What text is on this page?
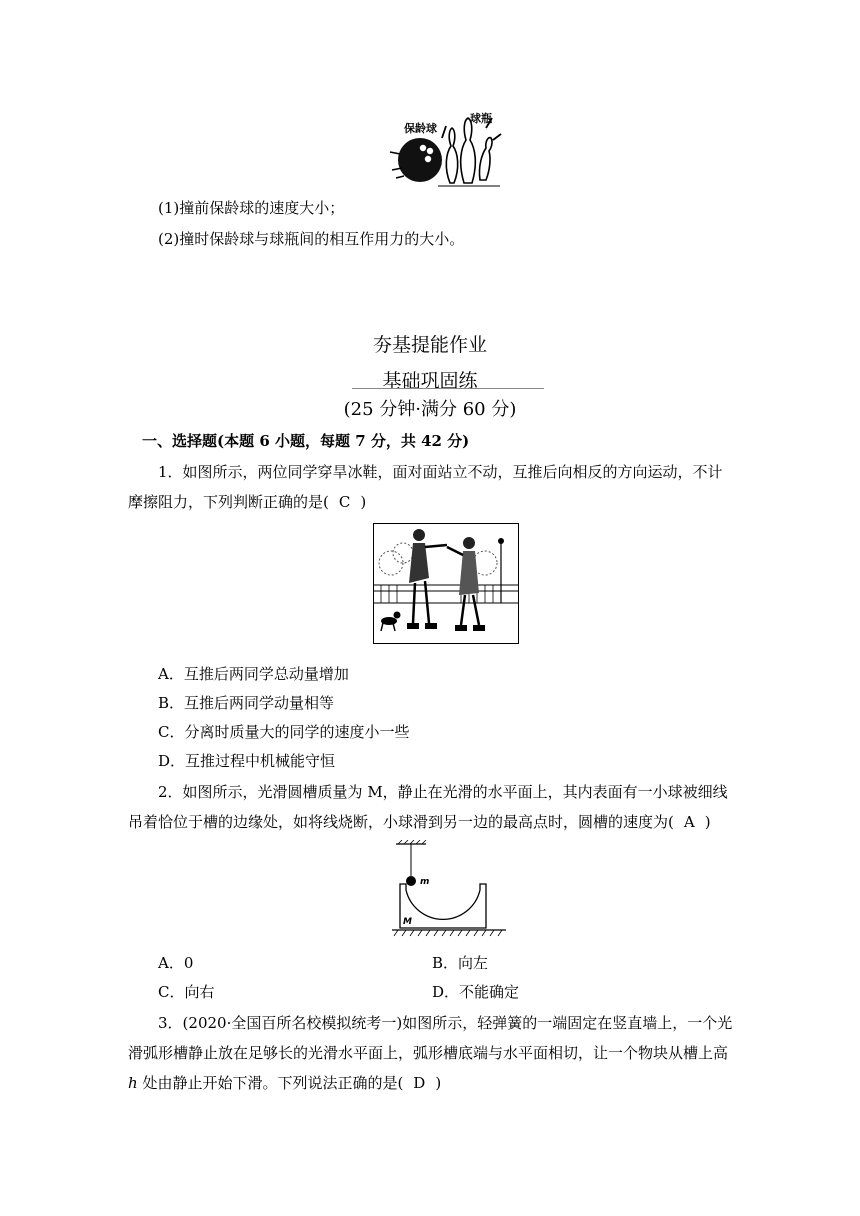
保龄球
球瓶
(1)撞前保龄球的速度大小；
(2)撞时保龄球与球瓶间的相互作用力的大小。
夯基提能作业
基础巩固练
(25 分钟·满分 60 分)
一、选择题(本题 6 小题，每题 7 分，共 42 分)
1．如图所示，两位同学穿旱冰鞋，面对面站立不动，互推后向相反的方向运动，不计
摩擦阻力，下列判断正确的是( C )
A．互推后两同学总动量增加
B．互推后两同学动量相等
C．分离时质量大的同学的速度小一些
D．互推过程中机械能守恒
2．如图所示，光滑圆槽质量为 M，静止在光滑的水平面上，其内表面有一小球被细线
吊着恰位于槽的边缘处，如将线烧断，小球滑到另一边的最高点时，圆槽的速度为( A )
m
M
A．0	B．向左
C．向右	D．不能确定
3．(2020·全国百所名校模拟统考一)如图所示，轻弹簧的一端固定在竖直墙上，一个光
滑弧形槽静止放在足够长的光滑水平面上，弧形槽底端与水平面相切，让一个物块从槽上高
h 处由静止开始下滑。下列说法正确的是( D )
